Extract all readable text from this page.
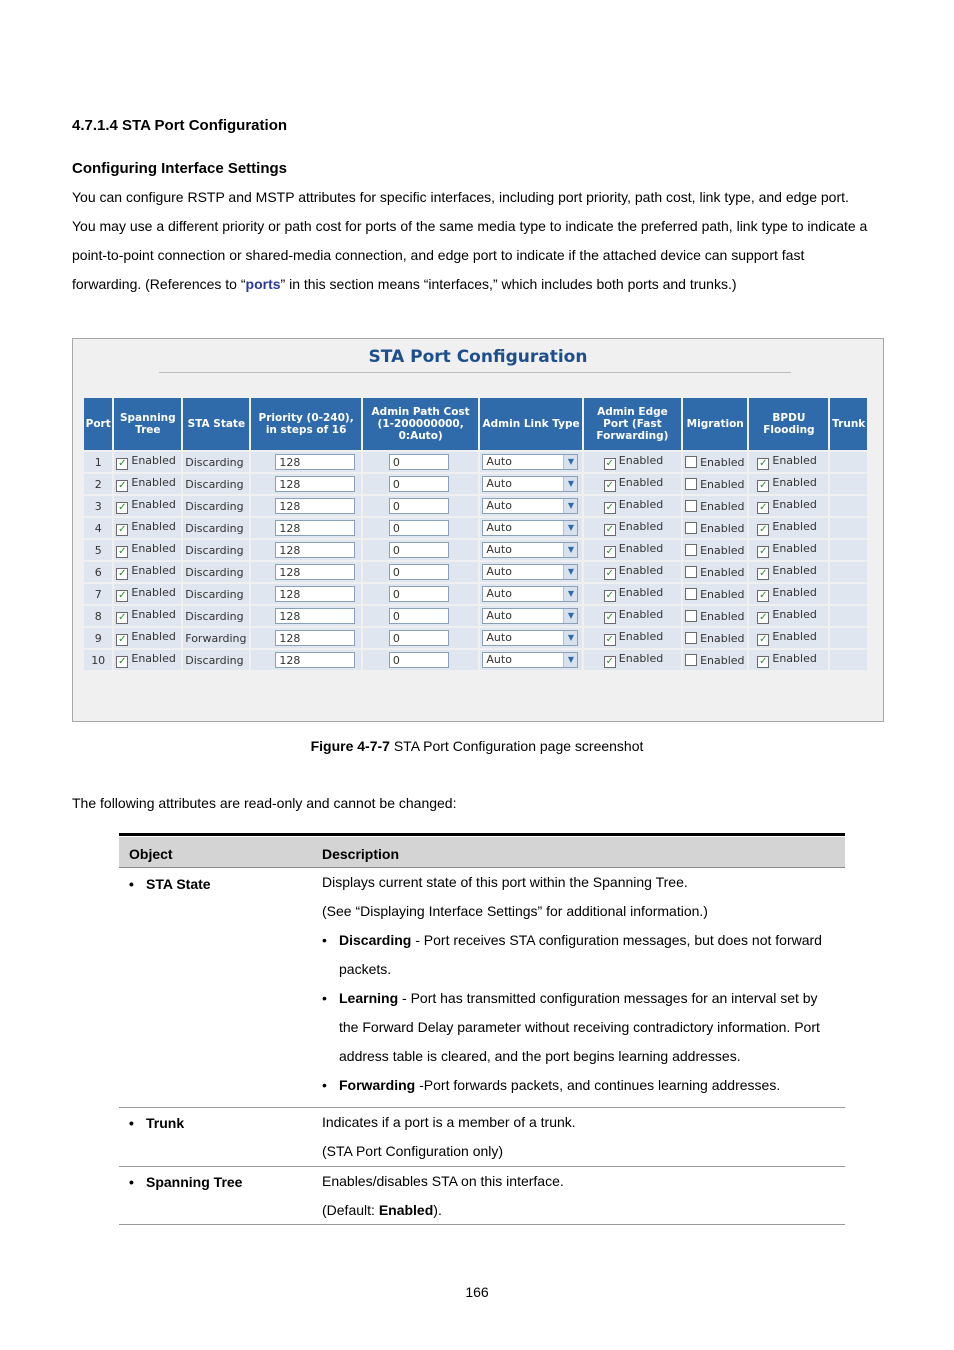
4.7.1.4 STA Port Configuration
Configuring Interface Settings
You can configure RSTP and MSTP attributes for specific interfaces, including port priority, path cost, link type, and edge port.
You may use a different priority or path cost for ports of the same media type to indicate the preferred path, link type to indicate a
point-to-point connection or shared-media connection, and edge port to indicate if the attached device can support fast
forwarding. (References to “ports” in this section means “interfaces,” which includes both ports and trunks.)
STA Port Configuration
Port	Spanning Tree	STA State	Priority (0-240), in steps of 16	Admin Path Cost (1-200000000, 0:Auto)	Admin Link Type	Admin Edge Port (Fast Forwarding)	Migration	BPDU Flooding	Trunk
1	✓ Enabled	Discarding	128	0	Auto ▼	✓ Enabled	Enabled	✓ Enabled	
2	✓ Enabled	Discarding	128	0	Auto ▼	✓ Enabled	Enabled	✓ Enabled	
3	✓ Enabled	Discarding	128	0	Auto ▼	✓ Enabled	Enabled	✓ Enabled	
4	✓ Enabled	Discarding	128	0	Auto ▼	✓ Enabled	Enabled	✓ Enabled	
5	✓ Enabled	Discarding	128	0	Auto ▼	✓ Enabled	Enabled	✓ Enabled	
6	✓ Enabled	Discarding	128	0	Auto ▼	✓ Enabled	Enabled	✓ Enabled	
7	✓ Enabled	Discarding	128	0	Auto ▼	✓ Enabled	Enabled	✓ Enabled	
8	✓ Enabled	Discarding	128	0	Auto ▼	✓ Enabled	Enabled	✓ Enabled	
9	✓ Enabled	Forwarding	128	0	Auto ▼	✓ Enabled	Enabled	✓ Enabled	
10	✓ Enabled	Discarding	128	0	Auto ▼	✓ Enabled	Enabled	✓ Enabled	
Figure 4-7-7 STA Port Configuration page screenshot
The following attributes are read-only and cannot be changed:
Object	Description
• STA State	Displays current state of this port within the Spanning Tree.
(See “Displaying Interface Settings” for additional information.)
• Discarding - Port receives STA configuration messages, but does not forward
packets.
• Learning - Port has transmitted configuration messages for an interval set by
the Forward Delay parameter without receiving contradictory information. Port
address table is cleared, and the port begins learning addresses.
• Forwarding -Port forwards packets, and continues learning addresses.
• Trunk	Indicates if a port is a member of a trunk.
(STA Port Configuration only)
• Spanning Tree	Enables/disables STA on this interface.
(Default: Enabled).
166
